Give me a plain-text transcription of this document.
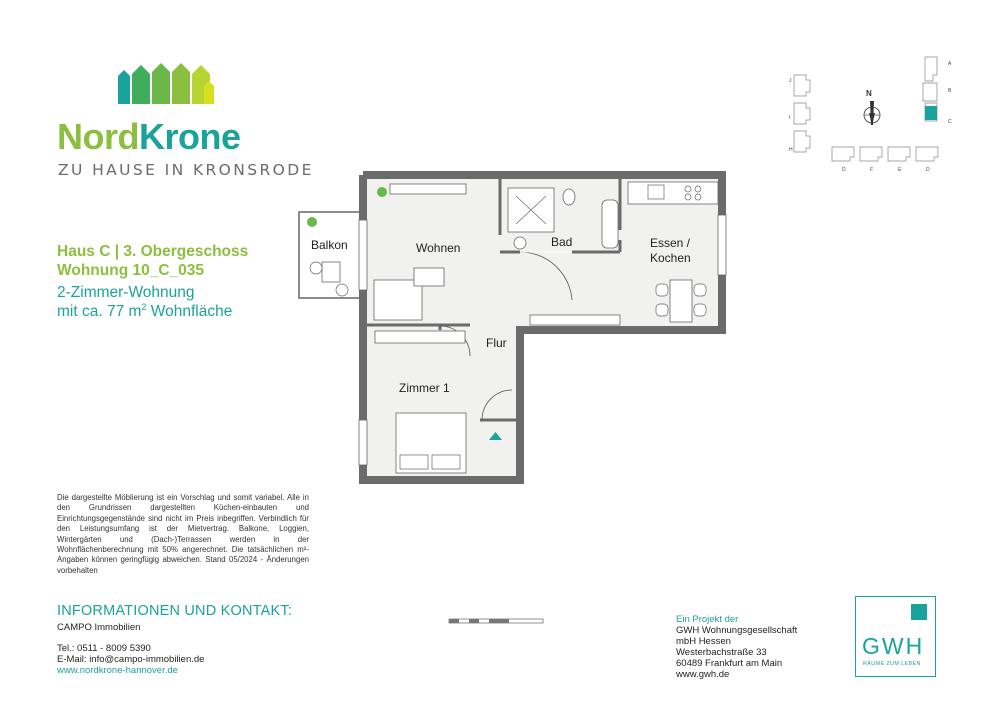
NordKrone
ZU HAUSE IN KRONSRODE
Haus C | 3. Obergeschoss
Wohnung 10_C_035
2-Zimmer-Wohnung
mit ca. 77 $m^2$ Wohnfläche
Die dargestellte Möblierung ist ein Vorschlag und somit variabel. Alle in den Grundrissen dargestellten Küchen-einbauten und Einrichtungsgegenstände sind nicht im Preis inbegriffen. Verbindlich für den Leistungsumfang ist der Mietvertrag. Balkone, Loggien, Wintergärten und (Dach-)Terrassen werden in der Wohnflächenberechnung mit 50% angerechnet. Die tatsächlichen m²-Angaben können geringfügig abweichen. Stand 05/2024 - Änderungen vorbehalten
INFORMATIONEN UND KONTAKT:
CAMPO Immobilien
Tel.: 0511 - 8009 5390
E-Mail: info@campo-immobilien.de
www.nordkrone-hannover.de
Ein Projekt der
GWH Wohnungsgesellschaft
mbH Hessen
Westerbachstraße 33
60489 Frankfurt am Main
www.gwh.de
GWH
RÄUME ZUM LEBEN
J
I
H
A
B
C
D	F	E	D
N
Balkon	Wohnen	Bad	Essen /
Kochen
Flur
Zimmer 1
